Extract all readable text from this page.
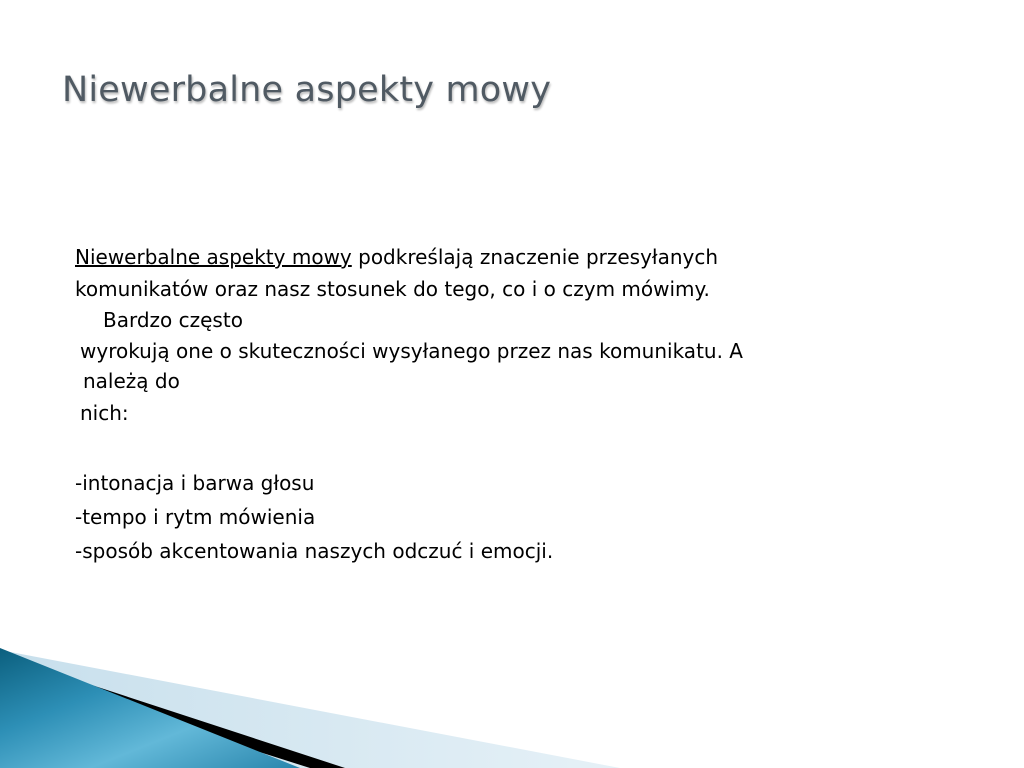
Niewerbalne aspekty mowy
Niewerbalne aspekty mowy podkreślają znaczenie przesyłanych
komunikatów oraz nasz stosunek do tego, co i o czym mówimy.
Bardzo często
wyrokują one o skuteczności wysyłanego przez nas komunikatu. A
należą do
nich:
-intonacja i barwa głosu
-tempo i rytm mówienia
-sposób akcentowania naszych odczuć i emocji.
